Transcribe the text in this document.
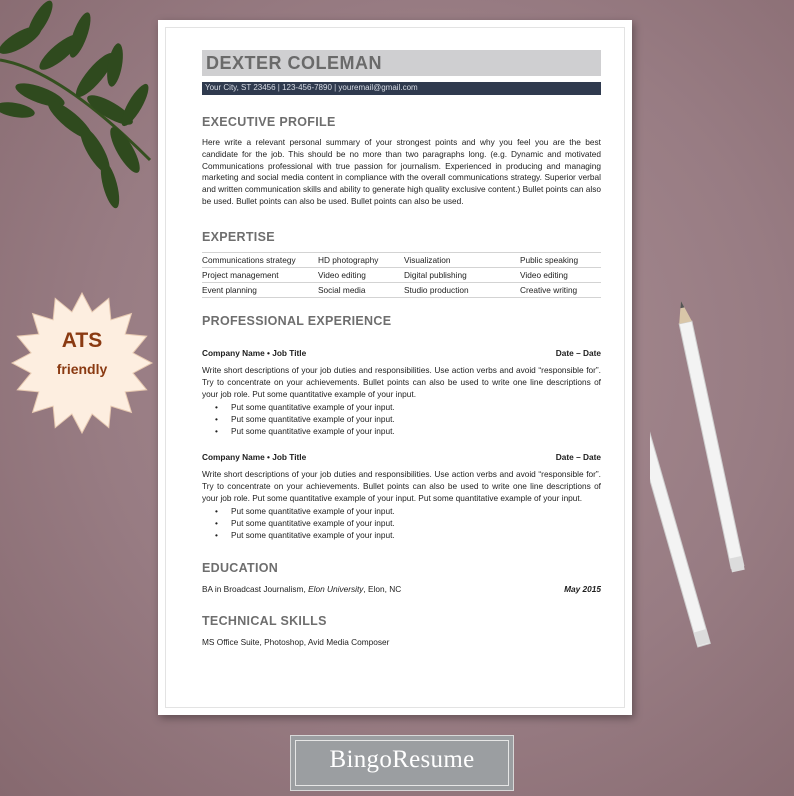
DEXTER COLEMAN
Your City, ST 23456 | 123-456-7890 | youremail@gmail.com
EXECUTIVE PROFILE
Here write a relevant personal summary of your strongest points and why you feel you are the best candidate for the job. This should be no more than two paragraphs long. (e.g. Dynamic and motivated Communications professional with true passion for journalism. Experienced in producing and managing marketing and social media content in compliance with the overall communications strategy. Superior verbal and written communication skills and ability to generate high quality exclusive content.) Bullet points can also be used. Bullet points can also be used. Bullet points can also be used.
EXPERTISE
Communications strategy	HD photography	Visualization	Public speaking
Project management	Video editing	Digital publishing	Video editing
Event planning	Social media	Studio production	Creative writing
PROFESSIONAL EXPERIENCE
Company Name • Job Title	Date – Date
Write short descriptions of your job duties and responsibilities. Use action verbs and avoid “responsible for”. Try to concentrate on your achievements. Bullet points can also be used to write one line descriptions of your job role. Put some quantitative example of your input.
• Put some quantitative example of your input.
• Put some quantitative example of your input.
• Put some quantitative example of your input.
Company Name • Job Title	Date – Date
Write short descriptions of your job duties and responsibilities. Use action verbs and avoid “responsible for”. Try to concentrate on your achievements. Bullet points can also be used to write one line descriptions of your job role. Put some quantitative example of your input. Put some quantitative example of your input.
• Put some quantitative example of your input.
• Put some quantitative example of your input.
• Put some quantitative example of your input.
EDUCATION
BA in Broadcast Journalism, Elon University, Elon, NC	May 2015
TECHNICAL SKILLS
MS Office Suite, Photoshop, Avid Media Composer
ATS
friendly
BingoResume
